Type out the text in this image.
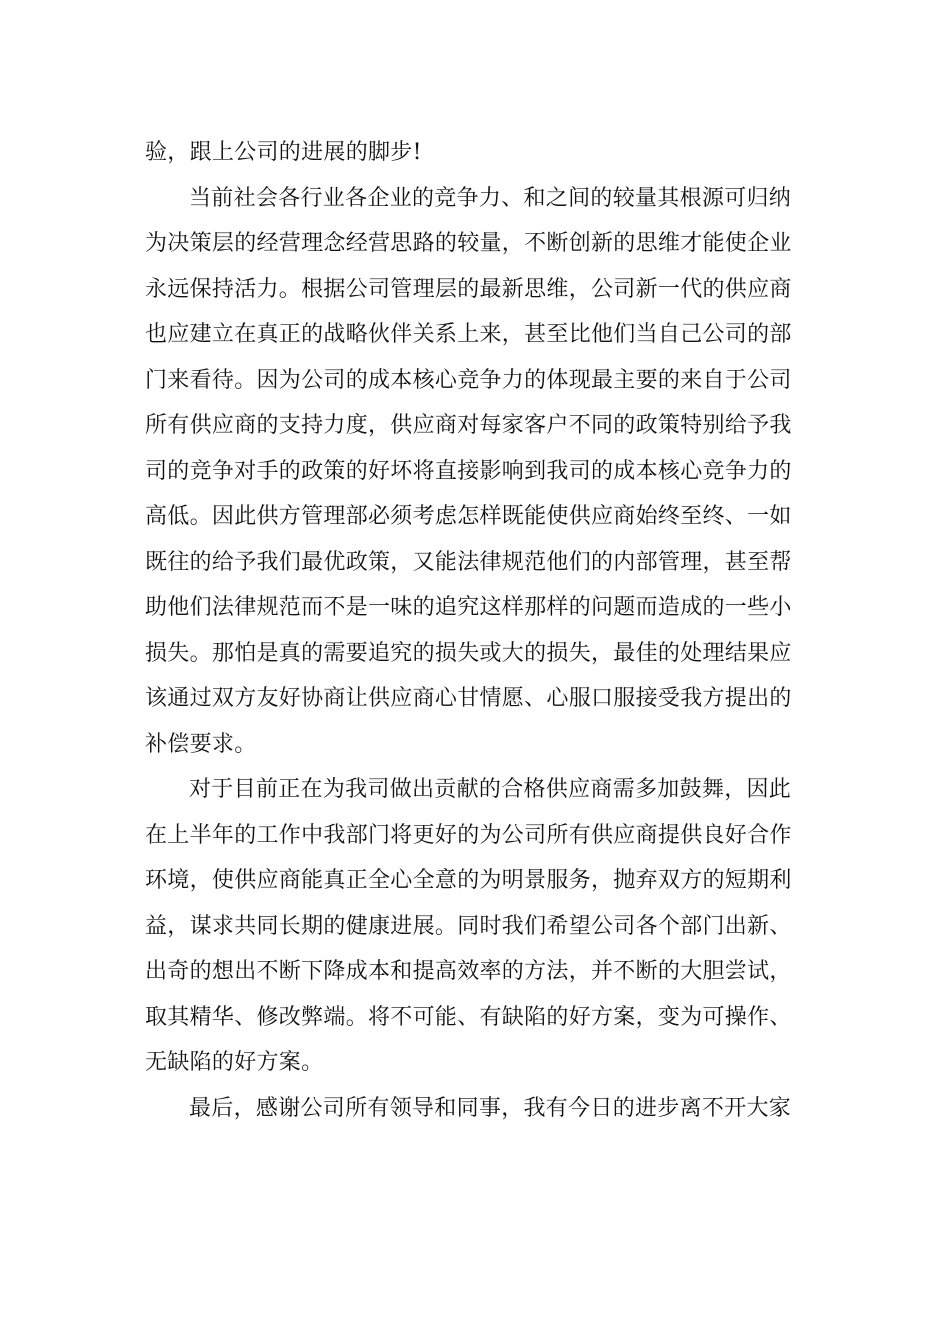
验，跟上公司的进展的脚步!
当前社会各行业各企业的竞争力、和之间的较量其根源可归纳
为决策层的经营理念经营思路的较量，不断创新的思维才能使企业
永远保持活力。根据公司管理层的最新思维，公司新一代的供应商
也应建立在真正的战略伙伴关系上来，甚至比他们当自己公司的部
门来看待。因为公司的成本核心竞争力的体现最主要的来自于公司
所有供应商的支持力度，供应商对每家客户不同的政策特别给予我
司的竞争对手的政策的好坏将直接影响到我司的成本核心竞争力的
高低。因此供方管理部必须考虑怎样既能使供应商始终至终、一如
既往的给予我们最优政策，又能法律规范他们的内部管理，甚至帮
助他们法律规范而不是一味的追究这样那样的问题而造成的一些小
损失。那怕是真的需要追究的损失或大的损失，最佳的处理结果应
该通过双方友好协商让供应商心甘情愿、心服口服接受我方提出的
补偿要求。
对于目前正在为我司做出贡献的合格供应商需多加鼓舞，因此
在上半年的工作中我部门将更好的为公司所有供应商提供良好合作
环境，使供应商能真正全心全意的为明景服务，抛弃双方的短期利
益，谋求共同长期的健康进展。同时我们希望公司各个部门出新、
出奇的想出不断下降成本和提高效率的方法，并不断的大胆尝试，
取其精华、修改弊端。将不可能、有缺陷的好方案，变为可操作、
无缺陷的好方案。
最后，感谢公司所有领导和同事，我有今日的进步离不开大家
